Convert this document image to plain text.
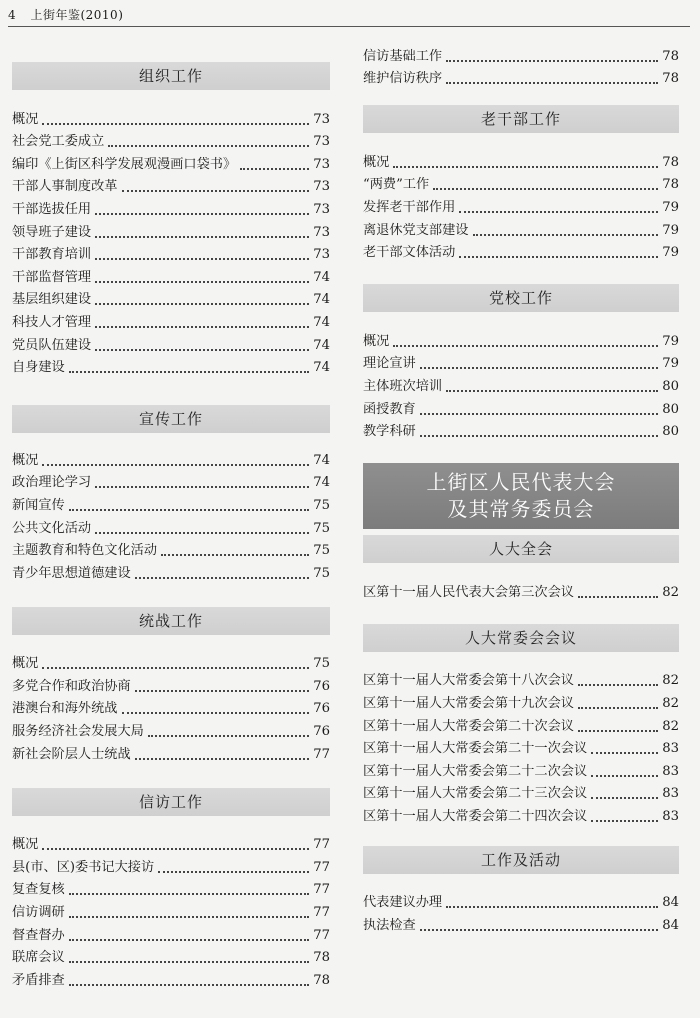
4 上街年鉴(2010)
组织工作
概况	73
社会党工委成立	73
编印《上街区科学发展观漫画口袋书》	73
干部人事制度改革	73
干部选拔任用	73
领导班子建设	73
干部教育培训	73
干部监督管理	74
基层组织建设	74
科技人才管理	74
党员队伍建设	74
自身建设	74
宣传工作
概况	74
政治理论学习	74
新闻宣传	75
公共文化活动	75
主题教育和特色文化活动	75
青少年思想道德建设	75
统战工作
概况	75
多党合作和政治协商	76
港澳台和海外统战	76
服务经济社会发展大局	76
新社会阶层人士统战	77
信访工作
概况	77
县(市、区)委书记大接访	77
复查复核	77
信访调研	77
督查督办	77
联席会议	78
矛盾排查	78
信访基础工作	78
维护信访秩序	78
老干部工作
概况	78
“两费”工作	78
发挥老干部作用	79
离退休党支部建设	79
老干部文体活动	79
党校工作
概况	79
理论宣讲	79
主体班次培训	80
函授教育	80
教学科研	80
上街区人民代表大会
及其常务委员会
人大全会
区第十一届人民代表大会第三次会议	82
人大常委会会议
区第十一届人大常委会第十八次会议	82
区第十一届人大常委会第十九次会议	82
区第十一届人大常委会第二十次会议	82
区第十一届人大常委会第二十一次会议	83
区第十一届人大常委会第二十二次会议	83
区第十一届人大常委会第二十三次会议	83
区第十一届人大常委会第二十四次会议	83
工作及活动
代表建议办理	84
执法检查	84
